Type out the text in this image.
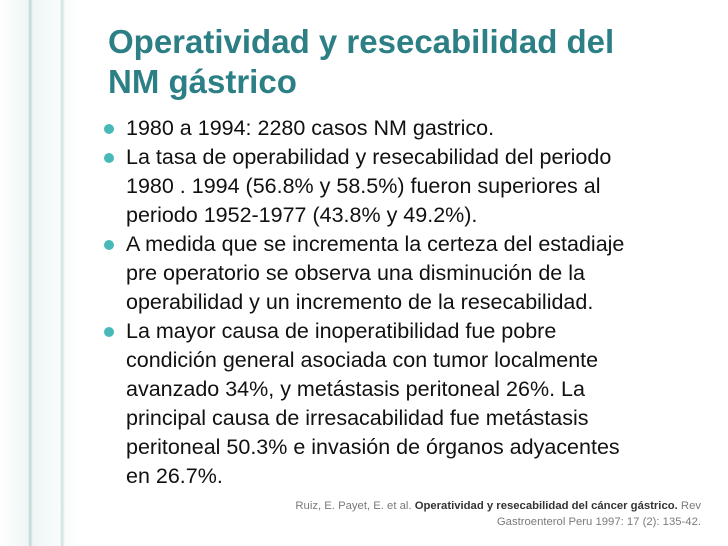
Operatividad y resecabilidad del
NM gástrico
1980 a 1994: 2280 casos NM gastrico.
La tasa de operabilidad y resecabilidad del periodo
1980 . 1994 (56.8% y 58.5%) fueron superiores al
periodo 1952-1977 (43.8% y 49.2%).
A medida que se incrementa la certeza del estadiaje
pre operatorio se observa una disminución de la
operabilidad y un incremento de la resecabilidad.
La mayor causa de inoperatibilidad fue pobre
condición general asociada con tumor localmente
avanzado 34%, y metástasis peritoneal 26%. La
principal causa de irresacabilidad fue metástasis
peritoneal 50.3% e invasión de órganos adyacentes
en 26.7%.
Ruiz, E. Payet, E. et al. Operatividad y resecabilidad del cáncer gástrico. Rev
Gastroenterol Peru 1997: 17 (2): 135-42.
